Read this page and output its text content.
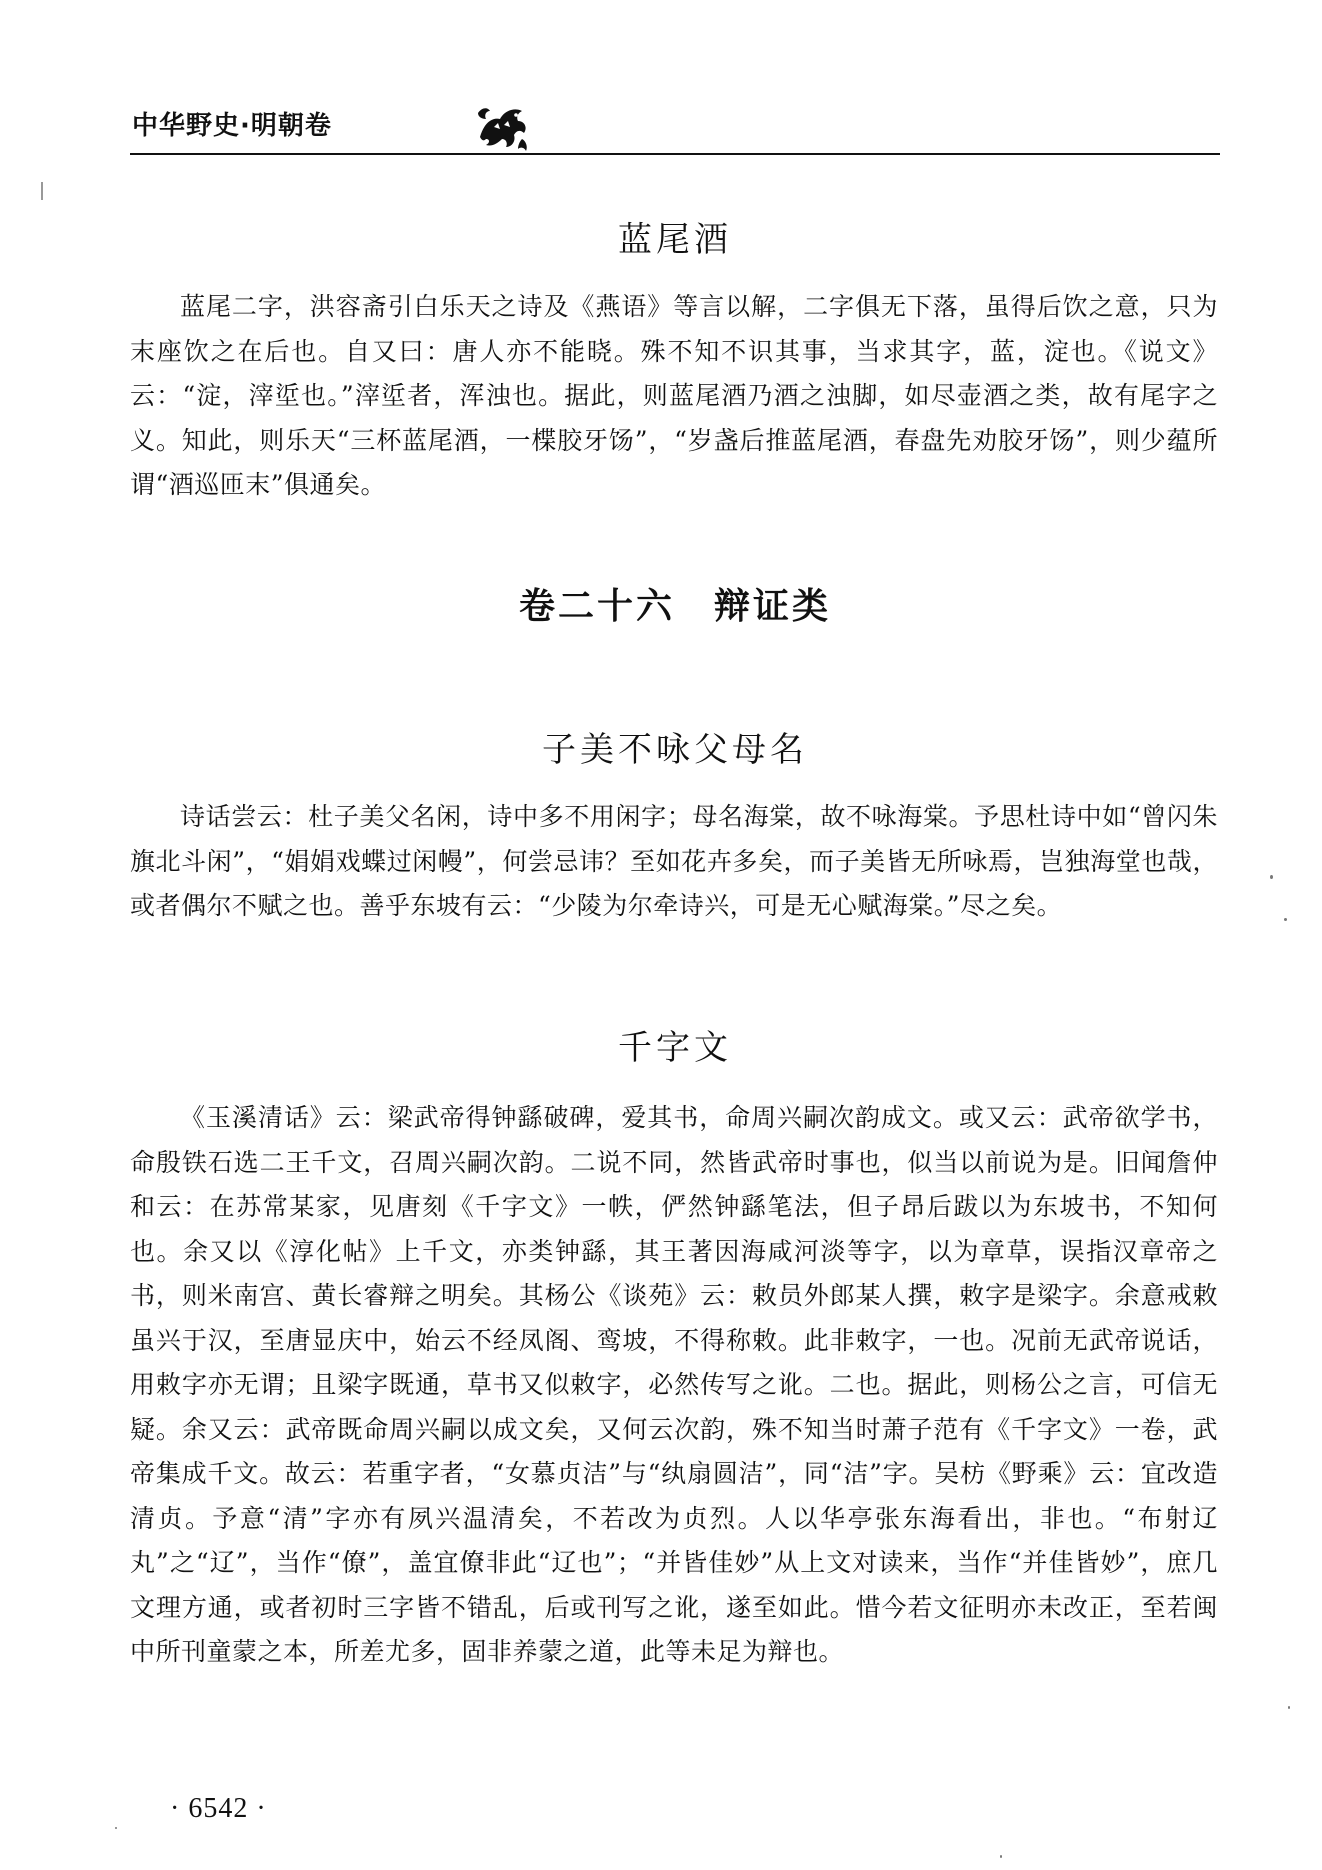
中华野史·明朝卷
蓝尾酒

蓝尾二字，洪容斋引白乐天之诗及《燕语》等言以解，二字俱无下落，虽得后饮之意，只为末座饮之在后也。自又曰：唐人亦不能晓。殊不知不识其事，当求其字，蓝，淀也。《说文》云：“淀，滓垽也。”滓垽者，浑浊也。据此，则蓝尾酒乃酒之浊脚，如尽壶酒之类，故有尾字之义。知此，则乐天“三杯蓝尾酒，一楪胶牙饧”，“岁盏后推蓝尾酒，春盘先劝胶牙饧”，则少蕴所谓“酒巡匝末”俱通矣。

卷二十六　辩证类
子美不咏父母名

诗话尝云：杜子美父名闲，诗中多不用闲字；母名海棠，故不咏海棠。予思杜诗中如“曾闪朱旗北斗闲”，“娟娟戏蝶过闲幔”，何尝忌讳？至如花卉多矣，而子美皆无所咏焉，岂独海堂也哉，或者偶尔不赋之也。善乎东坡有云：“少陵为尔牵诗兴，可是无心赋海棠。”尽之矣。

千字文

《玉溪清话》云：梁武帝得钟繇破碑，爱其书，命周兴嗣次韵成文。或又云：武帝欲学书，命殷铁石选二王千文，召周兴嗣次韵。二说不同，然皆武帝时事也，似当以前说为是。旧闻詹仲和云：在苏常某家，见唐刻《千字文》一帙，俨然钟繇笔法，但子昂后跋以为东坡书，不知何也。余又以《淳化帖》上千文，亦类钟繇，其王著因海咸河淡等字，以为章草，误指汉章帝之书，则米南宫、黄长睿辩之明矣。其杨公《谈苑》云：敕员外郎某人撰，敕字是梁字。余意戒敕虽兴于汉，至唐显庆中，始云不经凤阁、鸾坡，不得称敕。此非敕字，一也。况前无武帝说话，用敕字亦无谓；且梁字既通，草书又似敕字，必然传写之讹。二也。据此，则杨公之言，可信无疑。余又云：武帝既命周兴嗣以成文矣，又何云次韵，殊不知当时萧子范有《千字文》一卷，武帝集成千文。故云：若重字者，“女慕贞洁”与“纨扇圆洁”，同“洁”字。吴枋《野乘》云：宜改造清贞。予意“清”字亦有夙兴温清矣，不若改为贞烈。人以华亭张东海看出，非也。“布射辽丸”之“辽”，当作“僚”，盖宜僚非此“辽也”；“并皆佳妙”从上文对读来，当作“并佳皆妙”，庶几文理方通，或者初时三字皆不错乱，后或刊写之讹，遂至如此。惜今若文征明亦未改正，至若闽中所刊童蒙之本，所差尤多，固非养蒙之道，此等未足为辩也。

· 6542 ·
